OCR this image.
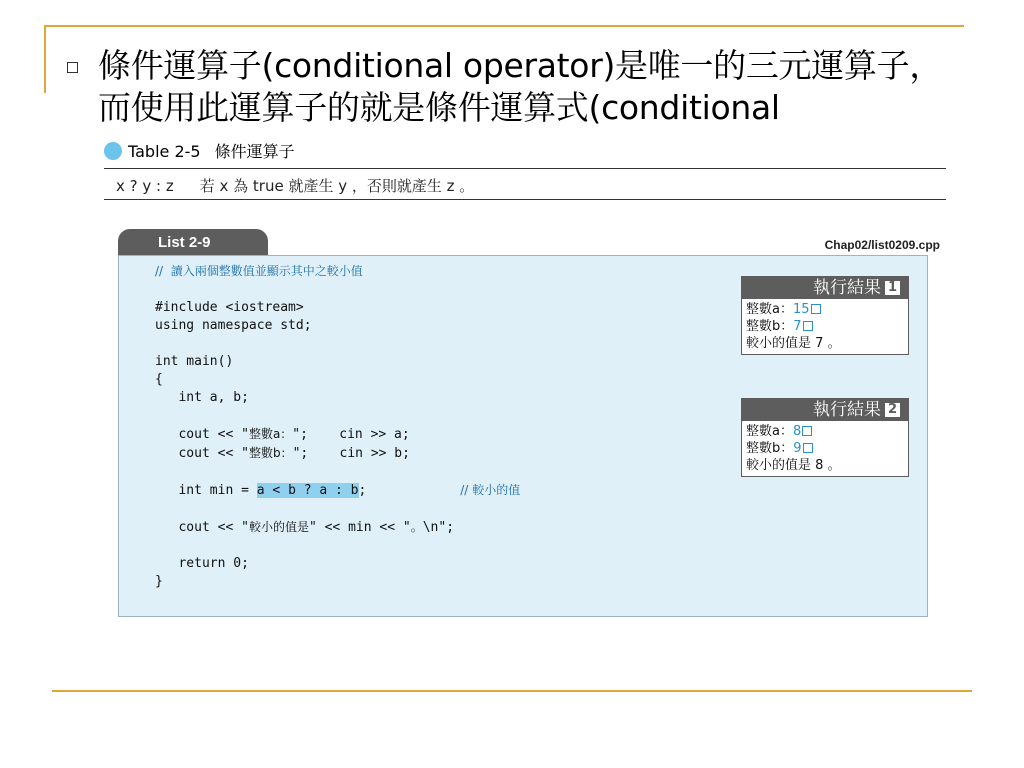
條件運算子(conditional operator)是唯一的三元運算子，
而使用此運算子的就是條件運算式(conditional
Table 2-5 條件運算子
x ? y : z 若 x 為 true 就產生 y ，否則就產生 z 。
List 2-9	Chap02/list0209.cpp
// 讀入兩個整數值並顯示其中之較小值

#include <iostream>
using namespace std;

int main()
{
int a, b;

cout << "整數a：";    cin >> a;
cout << "整數b：";    cin >> b;

int min = a < b ? a : b;	// 較小的值

cout << "較小的值是" << min << "。\n";

return 0;
}
執行結果 1
整數a：15
整數b：7
較小的值是 7 。
執行結果 2
整數a：8
整數b：9
較小的值是 8 。
